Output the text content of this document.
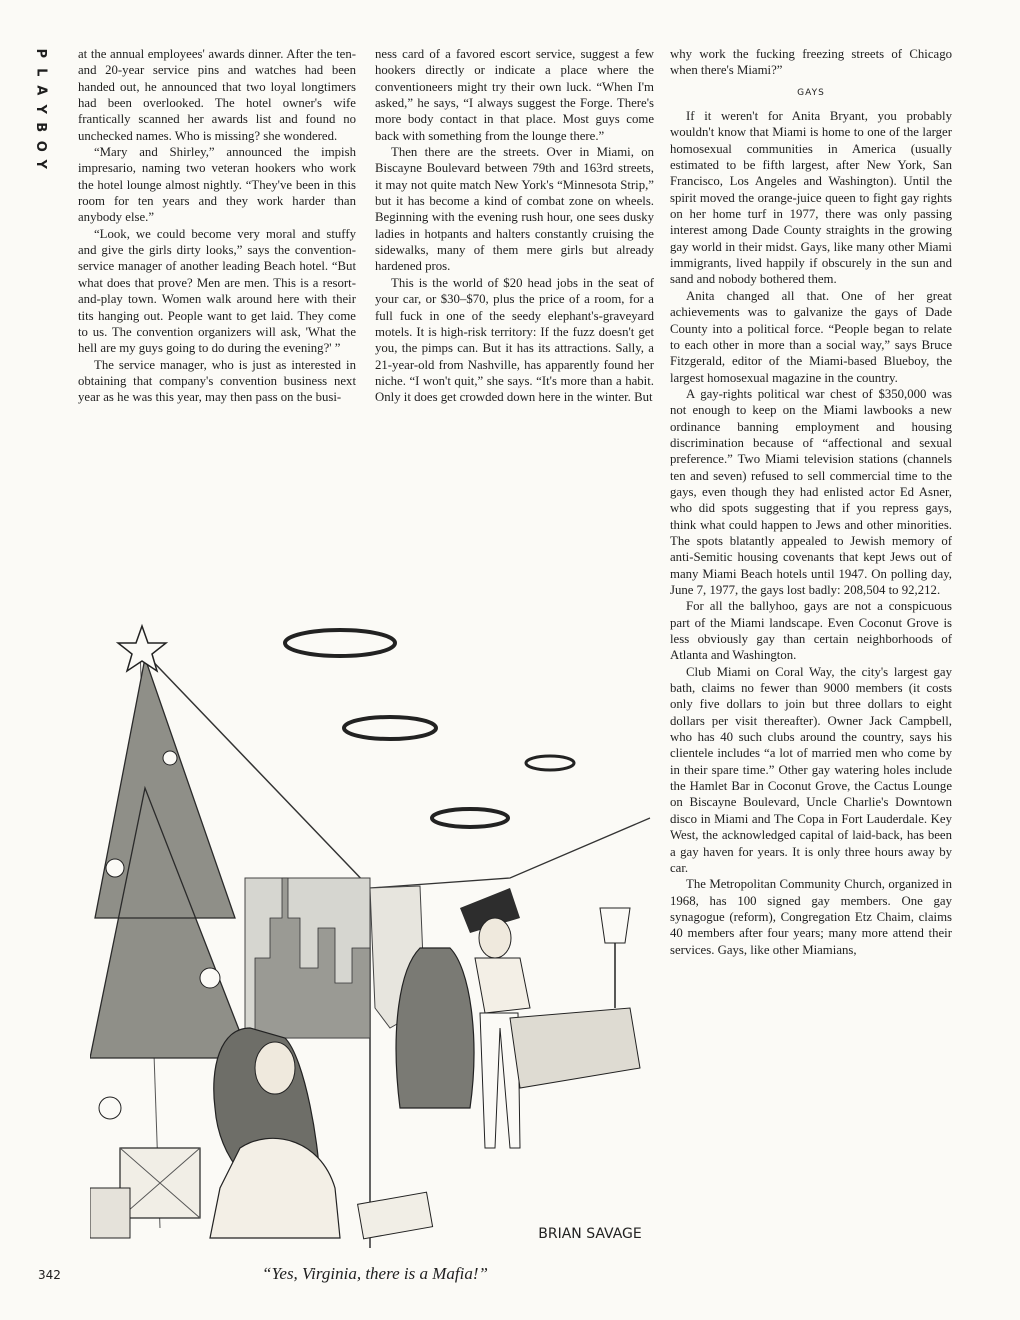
P
L
A
Y
B
O
Y

at the annual employees' awards dinner. After the ten- and 20-year service pins and watches had been handed out, he announced that two loyal longtimers had been overlooked. The hotel owner's wife frantically scanned her awards list and found no unchecked names. Who is missing? she wondered.

“Mary and Shirley,” announced the impish impresario, naming two veteran hookers who work the hotel lounge almost nightly. “They've been in this room for ten years and they work harder than anybody else.”

“Look, we could become very moral and stuffy and give the girls dirty looks,” says the convention-service manager of another leading Beach hotel. “But what does that prove? Men are men. This is a resort-and-play town. Women walk around here with their tits hanging out. People want to get laid. They come to us. The convention organizers will ask, 'What the hell are my guys going to do during the evening?' ”

The service manager, who is just as interested in obtaining that company's convention business next year as he was this year, may then pass on the busi-

ness card of a favored escort service, suggest a few hookers directly or indicate a place where the conventioneers might try their own luck. “When I'm asked,” he says, “I always suggest the Forge. There's more body contact in that place. Most guys come back with something from the lounge there.”

Then there are the streets. Over in Miami, on Biscayne Boulevard between 79th and 163rd streets, it may not quite match New York's “Minnesota Strip,” but it has become a kind of combat zone on wheels. Beginning with the evening rush hour, one sees dusky ladies in hotpants and halters constantly cruising the sidewalks, many of them mere girls but already hardened pros.

This is the world of $20 head jobs in the seat of your car, or $30–$70, plus the price of a room, for a full fuck in one of the seedy elephant's-graveyard motels. It is high-risk territory: If the fuzz doesn't get you, the pimps can. But it has its attractions. Sally, a 21-year-old from Nashville, has apparently found her niche. “I won't quit,” she says. “It's more than a habit. Only it does get crowded down here in the winter. But

why work the fucking freezing streets of Chicago when there's Miami?”

GAYS

If it weren't for Anita Bryant, you probably wouldn't know that Miami is home to one of the larger homosexual communities in America (usually estimated to be fifth largest, after New York, San Francisco, Los Angeles and Washington). Until the spirit moved the orange-juice queen to fight gay rights on her home turf in 1977, there was only passing interest among Dade County straights in the growing gay world in their midst. Gays, like many other Miami immigrants, lived happily if obscurely in the sun and sand and nobody bothered them.

Anita changed all that. One of her great achievements was to galvanize the gays of Dade County into a political force. “People began to relate to each other in more than a social way,” says Bruce Fitzgerald, editor of the Miami-based Blueboy, the largest homosexual magazine in the country.

A gay-rights political war chest of $350,000 was not enough to keep on the Miami lawbooks a new ordinance banning employment and housing discrimination because of “affectional and sexual preference.” Two Miami television stations (channels ten and seven) refused to sell commercial time to the gays, even though they had enlisted actor Ed Asner, who did spots suggesting that if you repress gays, think what could happen to Jews and other minorities. The spots blatantly appealed to Jewish memory of anti-Semitic housing covenants that kept Jews out of many Miami Beach hotels until 1947. On polling day, June 7, 1977, the gays lost badly: 208,504 to 92,212.

For all the ballyhoo, gays are not a conspicuous part of the Miami landscape. Even Coconut Grove is less obviously gay than certain neighborhoods of Atlanta and Washington.

Club Miami on Coral Way, the city's largest gay bath, claims no fewer than 9000 members (it costs only five dollars to join but three dollars to eight dollars per visit thereafter). Owner Jack Campbell, who has 40 such clubs around the country, says his clientele includes “a lot of married men who come by in their spare time.” Other gay watering holes include the Hamlet Bar in Coconut Grove, the Cactus Lounge on Biscayne Boulevard, Uncle Charlie's Downtown disco in Miami and The Copa in Fort Lauderdale. Key West, the acknowledged capital of laid-back, has been a gay haven for years. It is only three hours away by car.

The Metropolitan Community Church, organized in 1968, has 100 signed gay members. One gay synagogue (reform), Congregation Etz Chaim, claims 40 members after four years; many more attend their services. Gays, like other Miamians,

BRIAN SAVAGE
“Yes, Virginia, there is a Mafia!”
342
